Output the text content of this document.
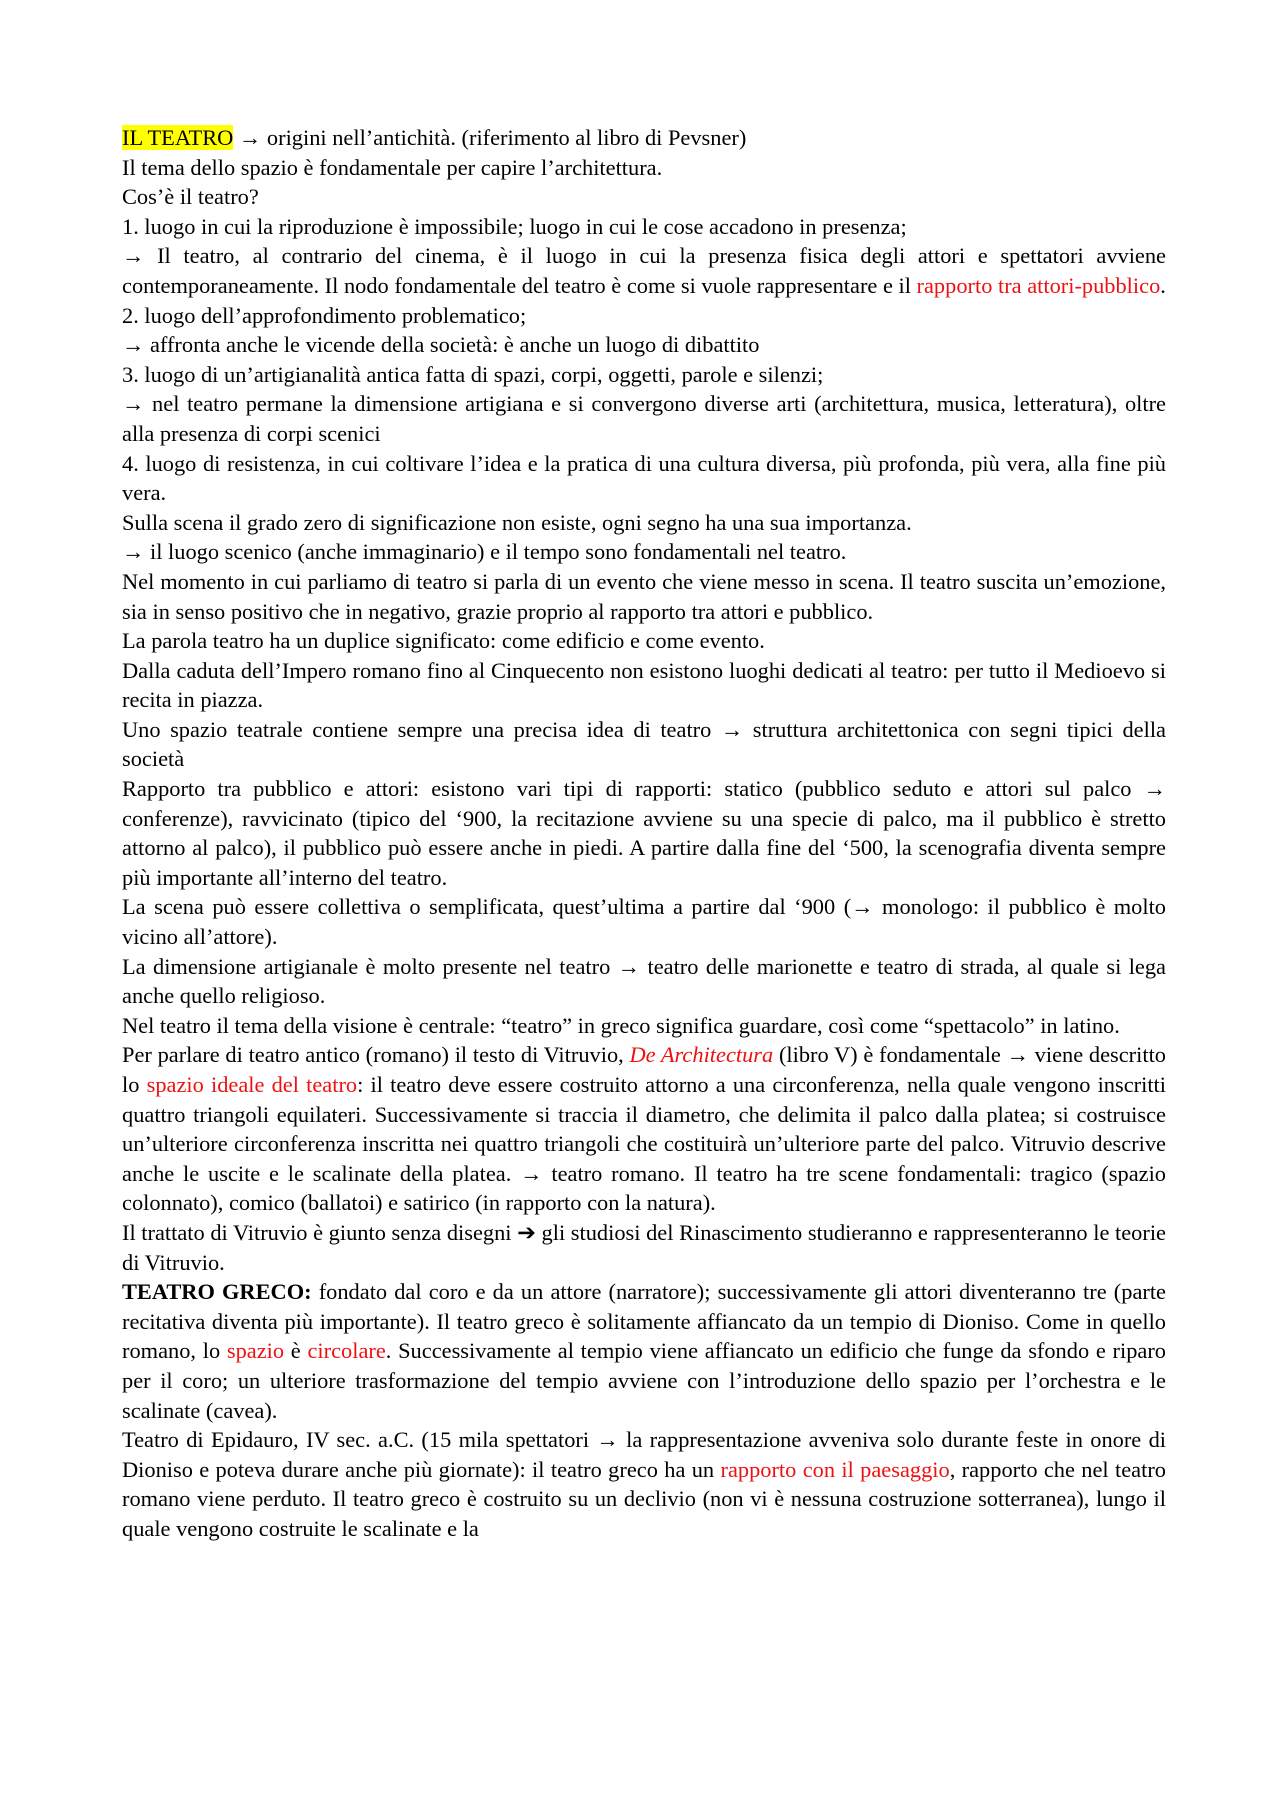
IL TEATRO → origini nell’antichità. (riferimento al libro di Pevsner)
Il tema dello spazio è fondamentale per capire l’architettura.
Cos’è il teatro?
1. luogo in cui la riproduzione è impossibile; luogo in cui le cose accadono in presenza;
→ Il teatro, al contrario del cinema, è il luogo in cui la presenza fisica degli attori e spettatori avviene contemporaneamente. Il nodo fondamentale del teatro è come si vuole rappresentare e il rapporto tra attori-pubblico.
2. luogo dell’approfondimento problematico;
→ affronta anche le vicende della società: è anche un luogo di dibattito
3. luogo di un’artigianalità antica fatta di spazi, corpi, oggetti, parole e silenzi;
→ nel teatro permane la dimensione artigiana e si convergono diverse arti (architettura, musica, letteratura), oltre alla presenza di corpi scenici
4. luogo di resistenza, in cui coltivare l’idea e la pratica di una cultura diversa, più profonda, più vera, alla fine più vera.
Sulla scena il grado zero di significazione non esiste, ogni segno ha una sua importanza.
→ il luogo scenico (anche immaginario) e il tempo sono fondamentali nel teatro.
Nel momento in cui parliamo di teatro si parla di un evento che viene messo in scena. Il teatro suscita un’emozione, sia in senso positivo che in negativo, grazie proprio al rapporto tra attori e pubblico.
La parola teatro ha un duplice significato: come edificio e come evento.
Dalla caduta dell’Impero romano fino al Cinquecento non esistono luoghi dedicati al teatro: per tutto il Medioevo si recita in piazza.
Uno spazio teatrale contiene sempre una precisa idea di teatro → struttura architettonica con segni tipici della società
Rapporto tra pubblico e attori: esistono vari tipi di rapporti: statico (pubblico seduto e attori sul palco → conferenze), ravvicinato (tipico del ‘900, la recitazione avviene su una specie di palco, ma il pubblico è stretto attorno al palco), il pubblico può essere anche in piedi. A partire dalla fine del ‘500, la scenografia diventa sempre più importante all’interno del teatro.
La scena può essere collettiva o semplificata, quest’ultima a partire dal ‘900 (→ monologo: il pubblico è molto vicino all’attore).
La dimensione artigianale è molto presente nel teatro → teatro delle marionette e teatro di strada, al quale si lega anche quello religioso.
Nel teatro il tema della visione è centrale: “teatro” in greco significa guardare, così come “spettacolo” in latino.
Per parlare di teatro antico (romano) il testo di Vitruvio, De Architectura (libro V) è fondamentale → viene descritto lo spazio ideale del teatro: il teatro deve essere costruito attorno a una circonferenza, nella quale vengono inscritti quattro triangoli equilateri. Successivamente si traccia il diametro, che delimita il palco dalla platea; si costruisce un’ulteriore circonferenza inscritta nei quattro triangoli che costituirà un’ulteriore parte del palco. Vitruvio descrive anche le uscite e le scalinate della platea. → teatro romano. Il teatro ha tre scene fondamentali: tragico (spazio colonnato), comico (ballatoi) e satirico (in rapporto con la natura).
Il trattato di Vitruvio è giunto senza disegni ➔ gli studiosi del Rinascimento studieranno e rappresenteranno le teorie di Vitruvio.
TEATRO GRECO: fondato dal coro e da un attore (narratore); successivamente gli attori diventeranno tre (parte recitativa diventa più importante). Il teatro greco è solitamente affiancato da un tempio di Dioniso. Come in quello romano, lo spazio è circolare. Successivamente al tempio viene affiancato un edificio che funge da sfondo e riparo per il coro; un ulteriore trasformazione del tempio avviene con l’introduzione dello spazio per l’orchestra e le scalinate (cavea).
Teatro di Epidauro, IV sec. a.C. (15 mila spettatori → la rappresentazione avveniva solo durante feste in onore di Dioniso e poteva durare anche più giornate): il teatro greco ha un rapporto con il paesaggio, rapporto che nel teatro romano viene perduto. Il teatro greco è costruito su un declivio (non vi è nessuna costruzione sotterranea), lungo il quale vengono costruite le scalinate e la
